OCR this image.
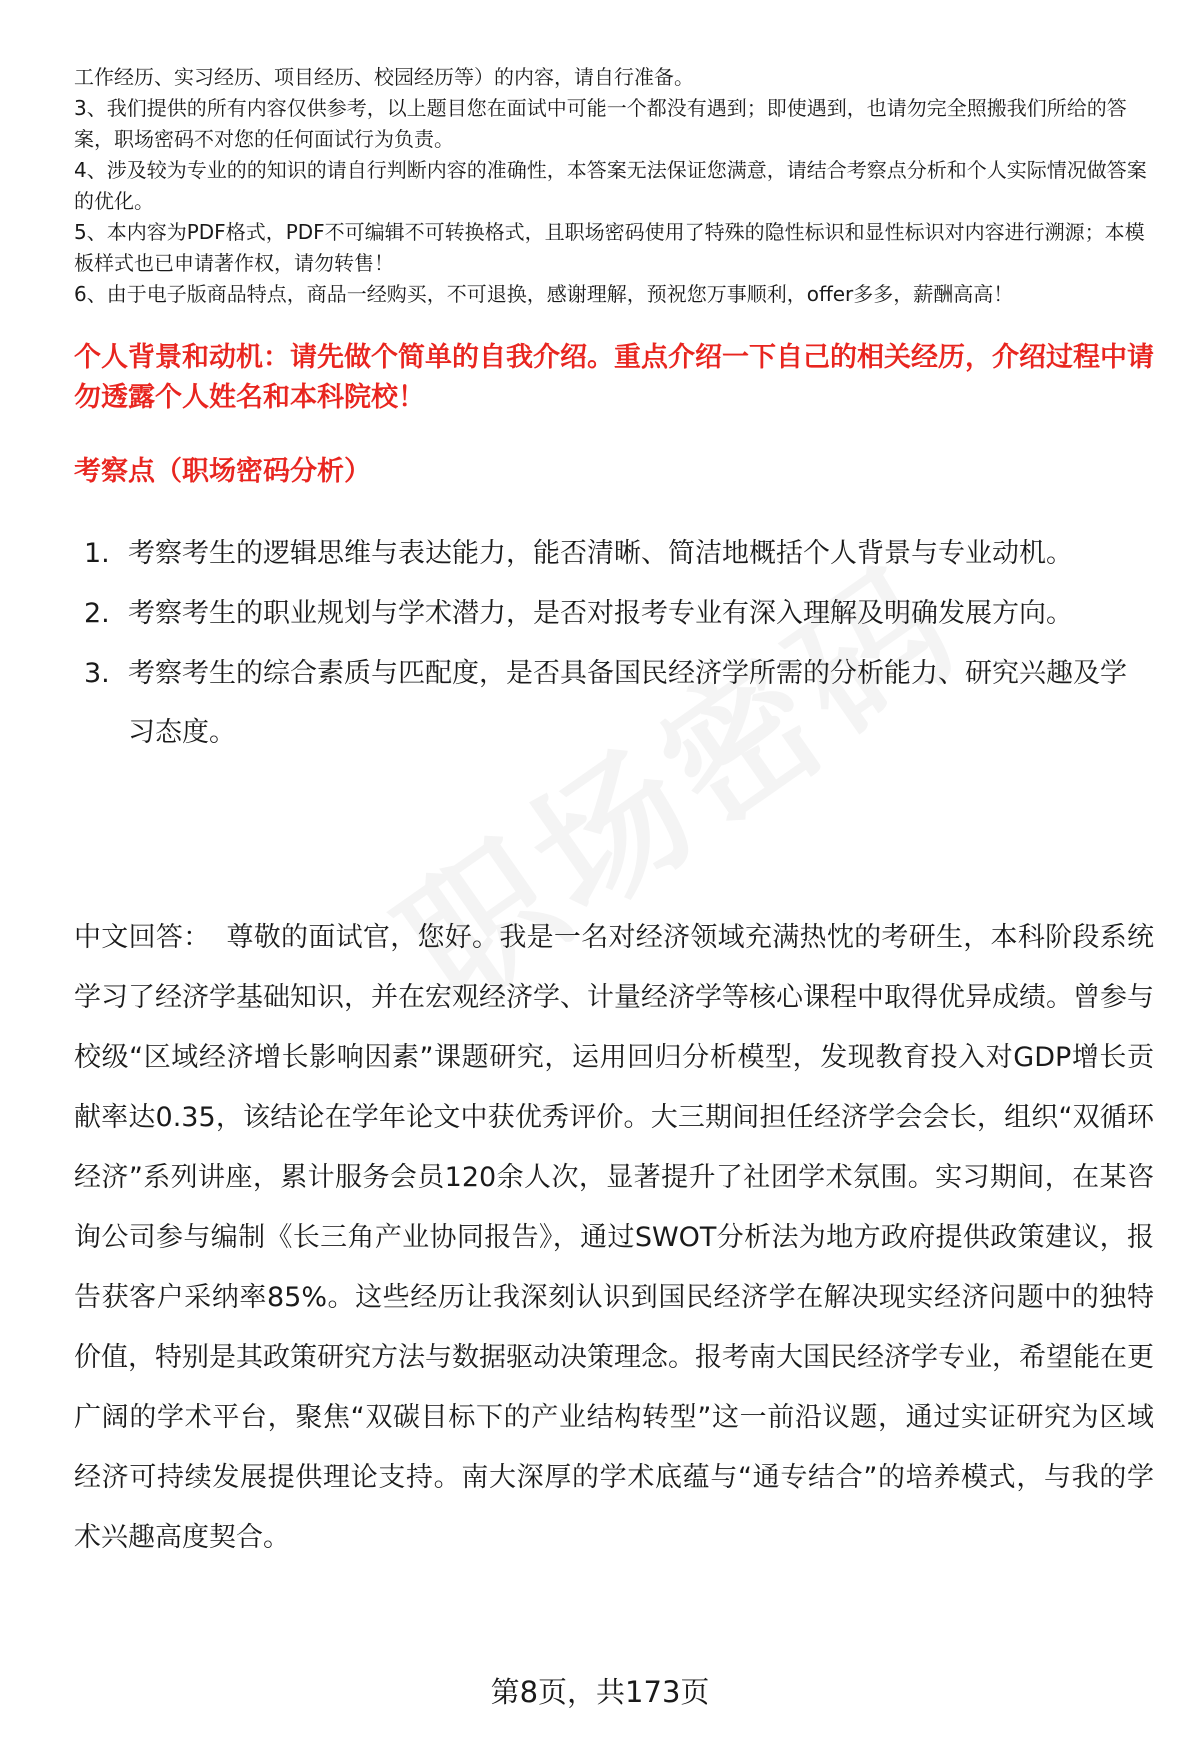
工作经历、实习经历、项目经历、校园经历等）的内容，请自行准备。

3、我们提供的所有内容仅供参考，以上题目您在面试中可能一个都没有遇到；即使遇到，也请勿完全照搬我们所给的答案，职场密码不对您的任何面试行为负责。

4、涉及较为专业的的知识的请自行判断内容的准确性，本答案无法保证您满意，请结合考察点分析和个人实际情况做答案的优化。

5、本内容为PDF格式，PDF不可编辑不可转换格式，且职场密码使用了特殊的隐性标识和显性标识对内容进行溯源；本模板样式也已申请著作权，请勿转售！

6、由于电子版商品特点，商品一经购买，不可退换，感谢理解，预祝您万事顺利，offer多多，薪酬高高！

个人背景和动机：请先做个简单的自我介绍。重点介绍一下自己的相关经历，介绍过程中请勿透露个人姓名和本科院校！
考察点（职场密码分析）
1. 考察考生的逻辑思维与表达能力，能否清晰、简洁地概括个人背景与专业动机。
2. 考察考生的职业规划与学术潜力，是否对报考专业有深入理解及明确发展方向。
3. 考察考生的综合素质与匹配度，是否具备国民经济学所需的分析能力、研究兴趣及学习态度。

中文回答： 尊敬的面试官，您好。我是一名对经济领域充满热忱的考研生，本科阶段系统学习了经济学基础知识，并在宏观经济学、计量经济学等核心课程中取得优异成绩。曾参与校级“区域经济增长影响因素”课题研究，运用回归分析模型，发现教育投入对GDP增长贡献率达0.35，该结论在学年论文中获优秀评价。大三期间担任经济学会会长，组织“双循环经济”系列讲座，累计服务会员120余人次，显著提升了社团学术氛围。实习期间，在某咨询公司参与编制《长三角产业协同报告》，通过SWOT分析法为地方政府提供政策建议，报告获客户采纳率85%。这些经历让我深刻认识到国民经济学在解决现实经济问题中的独特价值，特别是其政策研究方法与数据驱动决策理念。报考南大国民经济学专业，希望能在更广阔的学术平台，聚焦“双碳目标下的产业结构转型”这一前沿议题，通过实证研究为区域经济可持续发展提供理论支持。南大深厚的学术底蕴与“通专结合”的培养模式，与我的学术兴趣高度契合。

第8页，共173页
